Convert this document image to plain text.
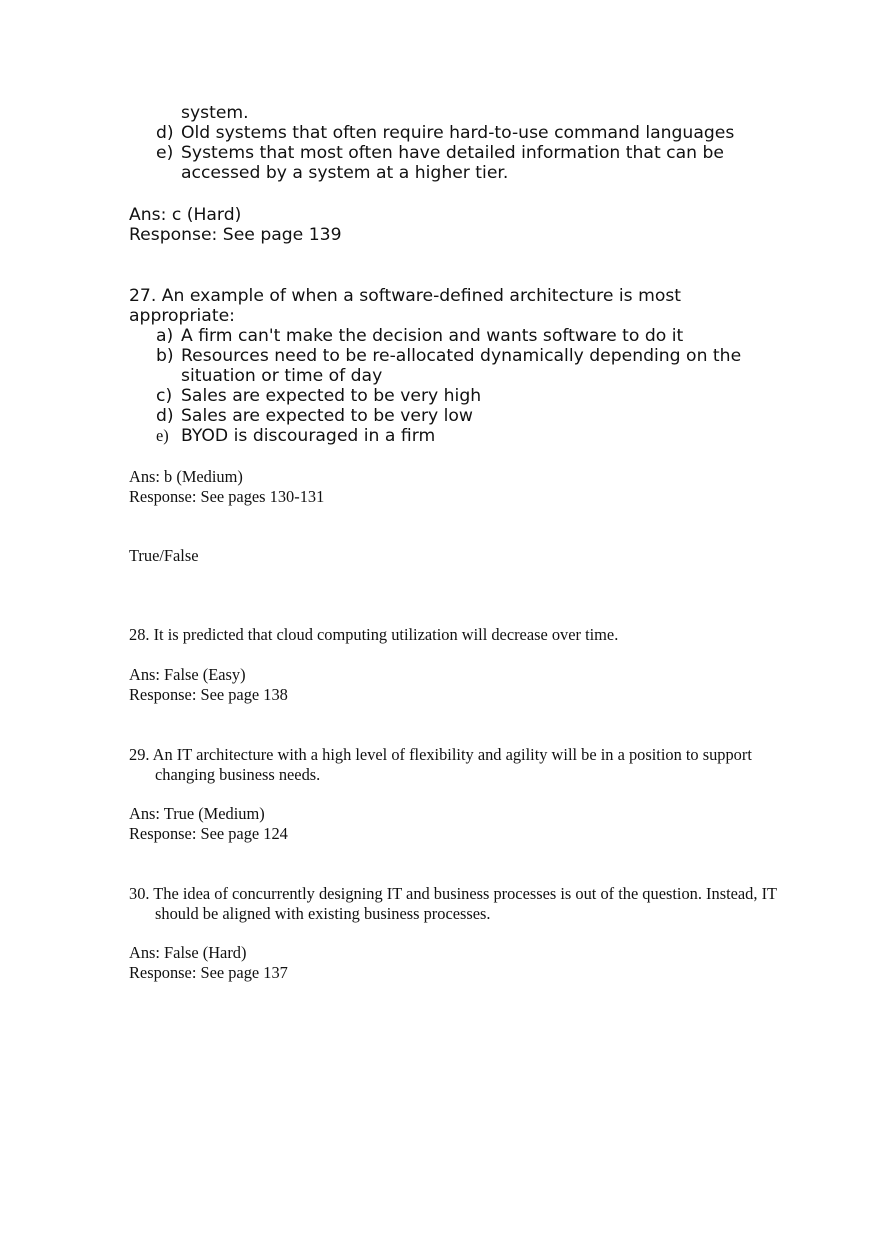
system.

d) Old systems that often require hard-to-use command languages
e) Systems that most often have detailed information that can be accessed by a system at a higher tier.

Ans: c (Hard)

Response: See page 139

27. An example of when a software-defined architecture is most appropriate:

a) A firm can't make the decision and wants software to do it
b) Resources need to be re-allocated dynamically depending on the situation or time of day
c) Sales are expected to be very high
d) Sales are expected to be very low
e) BYOD is discouraged in a firm

Ans: b (Medium)

Response: See pages 130-131

True/False

28. It is predicted that cloud computing utilization will decrease over time.

Ans: False (Easy)

Response: See page 138

29. An IT architecture with a high level of flexibility and agility will be in a position to support changing business needs.

Ans: True (Medium)

Response: See page 124

30. The idea of concurrently designing IT and business processes is out of the question. Instead, IT should be aligned with existing business processes.

Ans: False (Hard)

Response: See page 137
